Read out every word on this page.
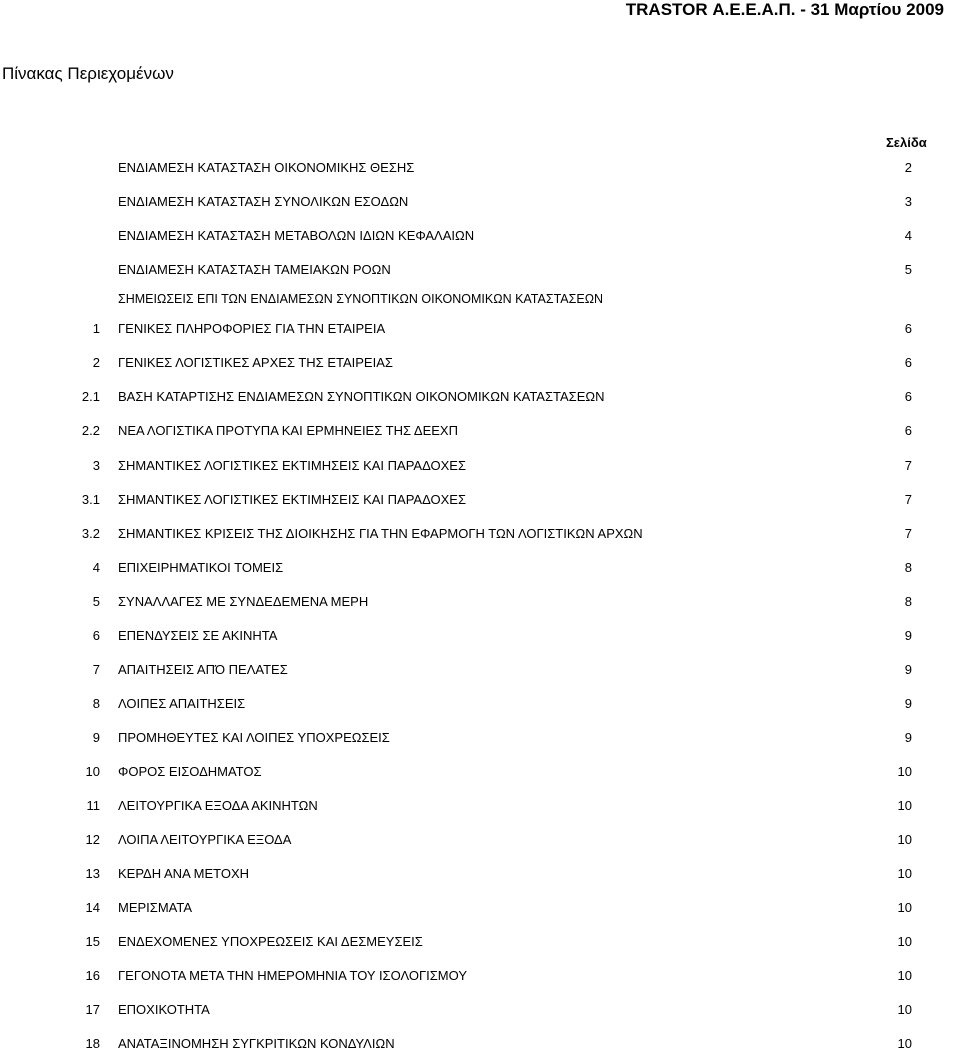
TRASTOR Α.Ε.Ε.Α.Π. - 31 Μαρτίου 2009
Πίνακας Περιεχομένων
Σελίδα
ΕΝΔΙΑΜΕΣΗ ΚΑΤΑΣΤΑΣΗ ΟΙΚΟΝΟΜΙΚΗΣ ΘΕΣΗΣ	2
ΕΝΔΙΑΜΕΣΗ ΚΑΤΑΣΤΑΣΗ ΣΥΝΟΛΙΚΩΝ ΕΣΟΔΩΝ	3
ΕΝΔΙΑΜΕΣΗ ΚΑΤΑΣΤΑΣΗ ΜΕΤΑΒΟΛΩΝ ΙΔΙΩΝ ΚΕΦΑΛΑΙΩΝ	4
ΕΝΔΙΑΜΕΣΗ ΚΑΤΑΣΤΑΣΗ ΤΑΜΕΙΑΚΩΝ ΡΟΩΝ	5
ΣΗΜΕΙΩΣΕΙΣ ΕΠΙ ΤΩΝ ΕΝΔΙΑΜΕΣΩΝ ΣΥΝΟΠΤΙΚΩΝ ΟΙΚΟΝΟΜΙΚΩΝ ΚΑΤΑΣΤΑΣΕΩΝ
1 ΓΕΝΙΚΕΣ ΠΛΗΡΟΦΟΡΙΕΣ ΓΙΑ ΤΗΝ ΕΤΑΙΡΕΙΑ	6
2 ΓΕΝΙΚΕΣ ΛΟΓΙΣΤΙΚΕΣ ΑΡΧΕΣ ΤΗΣ ΕΤΑΙΡΕΙΑΣ	6
2.1 ΒΑΣΗ ΚΑΤΑΡΤΙΣΗΣ ΕΝΔΙΑΜΕΣΩΝ ΣΥΝΟΠΤΙΚΩΝ ΟΙΚΟΝΟΜΙΚΩΝ ΚΑΤΑΣΤΑΣΕΩΝ	6
2.2 ΝΕΑ ΛΟΓΙΣΤΙΚΑ ΠΡΟΤΥΠΑ ΚΑΙ ΕΡΜΗΝΕΙΕΣ ΤΗΣ ΔΕΕΧΠ	6
3 ΣΗΜΑΝΤΙΚΕΣ ΛΟΓΙΣΤΙΚΕΣ ΕΚΤΙΜΗΣΕΙΣ ΚΑΙ ΠΑΡΑΔΟΧΕΣ	7
3.1 ΣΗΜΑΝΤΙΚΕΣ ΛΟΓΙΣΤΙΚΕΣ ΕΚΤΙΜΗΣΕΙΣ ΚΑΙ ΠΑΡΑΔΟΧΕΣ	7
3.2 ΣΗΜΑΝΤΙΚΕΣ ΚΡΙΣΕΙΣ ΤΗΣ ΔΙΟΙΚΗΣΗΣ ΓΙΑ ΤΗΝ ΕΦΑΡΜΟΓΗ ΤΩΝ ΛΟΓΙΣΤΙΚΩΝ ΑΡΧΩΝ	7
4 ΕΠΙΧΕΙΡΗΜΑΤΙΚΟΙ ΤΟΜΕΙΣ	8
5 ΣΥΝΑΛΛΑΓΕΣ ΜΕ ΣΥΝΔΕΔΕΜΕΝΑ ΜΕΡΗ	8
6 ΕΠΕΝΔΥΣΕΙΣ ΣΕ ΑΚΙΝΗΤΑ	9
7 ΑΠΑΙΤΗΣΕΙΣ ΑΠΌ ΠΕΛΑΤΕΣ	9
8 ΛΟΙΠΕΣ ΑΠΑΙΤΗΣΕΙΣ	9
9 ΠΡΟΜΗΘΕΥΤΕΣ ΚΑΙ ΛΟΙΠΕΣ ΥΠΟΧΡΕΩΣΕΙΣ	9
10 ΦΟΡΟΣ ΕΙΣΟΔΗΜΑΤΟΣ	10
11 ΛΕΙΤΟΥΡΓΙΚΑ ΕΞΟΔΑ ΑΚΙΝΗΤΩΝ	10
12 ΛΟΙΠΑ ΛΕΙΤΟΥΡΓΙΚΑ ΕΞΟΔΑ	10
13 ΚΕΡΔΗ ΑΝΑ ΜΕΤΟΧΗ	10
14 ΜΕΡΙΣΜΑΤΑ	10
15 ΕΝΔΕΧΟΜΕΝΕΣ ΥΠΟΧΡΕΩΣΕΙΣ ΚΑΙ ΔΕΣΜΕΥΣΕΙΣ	10
16 ΓΕΓΟΝΟΤΑ ΜΕΤΑ ΤΗΝ ΗΜΕΡΟΜΗΝΙΑ ΤΟΥ ΙΣΟΛΟΓΙΣΜΟΥ	10
17 ΕΠΟΧΙΚΟΤΗΤΑ	10
18 ΑΝΑΤΑΞΙΝΟΜΗΣΗ ΣΥΓΚΡΙΤΙΚΩΝ ΚΟΝΔΥΛΙΩΝ	10
